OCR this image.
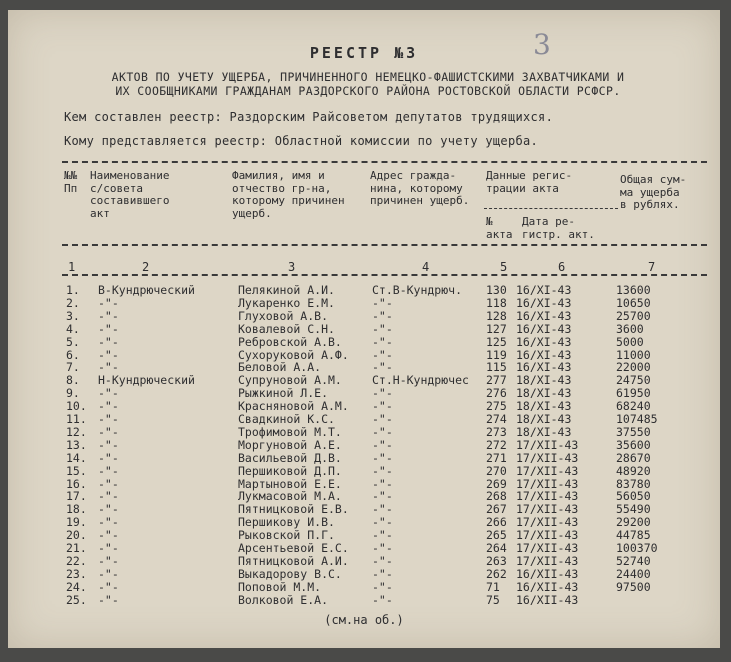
3
РЕЕСТР №3
АКТОВ ПО УЧЕТУ УЩЕРБА, ПРИЧИНЕННОГО НЕМЕЦКО-ФАШИСТСКИМИ ЗАХВАТЧИКАМИ И
ИХ СООБЩНИКАМИ ГРАЖДАНАМ РАЗДОРСКОГО РАЙОНА РОСТОВСКОЙ ОБЛАСТИ РСФСР.
Кем составлен реестр: Раздорским Райсоветом депутатов трудящихся.
Кому представляется реестр: Областной комиссии по учету ущерба.
№№
Пп
Наименование
с/совета
составившего
акт
Фамилия, имя и
отчество гр-на,
которому причинен
ущерб.
Адрес гражда-
нина, которому
причинен ущерб.
Данные регис-
трации акта
№
акта
Дата ре-
гистр. акт.
Общая сум-
ма ущерба
в рублях.
1	2	3	4	5	6	7
1. В-Кундрюческий	Пелякиной А.И.	Ст.В-Кундрюч. 130 16/XI-43	13600
2. -"-	Лукаренко Е.М.	-"-	118 16/XI-43	10650
3. -"-	Глуховой А.В.	-"-	128 16/XI-43	25700
4. -"-	Ковалевой С.Н.	-"-	127 16/XI-43	3600
5. -"-	Ребровской А.В.	-"-	125 16/XI-43	5000
6. -"-	Сухоруковой А.Ф. -"-	119 16/XI-43	11000
7. -"-	Беловой А.А.	-"-	115 16/XI-43	22000
8. Н-Кундрюческий	Супруновой А.М.	Ст.Н-Кундрючес 277 18/XI-43	24750
9. -"-	Рыжкиной Л.Е.	-"-	276 18/XI-43	61950
10. -"-	Красняновой А.М. -"-	275 18/XI-43	68240
11. -"-	Свадкиной К.С.	-"-	274 18/XI-43	107485
12. -"-	Трофимовой М.Т.	-"-	273 18/XI-43	37550
13. -"-	Моргуновой А.Е.	-"-	272 17/XII-43	35600
14. -"-	Васильевой Д.В.	-"-	271 17/XII-43	28670
15. -"-	Першиковой Д.П.	-"-	270 17/XII-43	48920
16. -"-	Мартыновой Е.Е.	-"-	269 17/XII-43	83780
17. -"-	Лукмасовой М.А.	-"-	268 17/XII-43	56050
18. -"-	Пятницковой Е.В. -"-	267 17/XII-43	55490
19. -"-	Першикову И.В.	-"-	266 17/XII-43	29200
20. -"-	Рыковской П.Г.	-"-	265 17/XII-43	44785
21. -"-	Арсентьевой Е.С. -"-	264 17/XII-43	100370
22. -"-	Пятницковой А.И. -"-	263 17/XII-43	52740
23. -"-	Выкадорову В.С.	-"-	262 16/XII-43	24400
24. -"-	Поповой М.М.	-"-	71 16/XII-43	97500
25. -"-	Волковой Е.А.	-"-	75 16/XII-43
(см.на об.)
